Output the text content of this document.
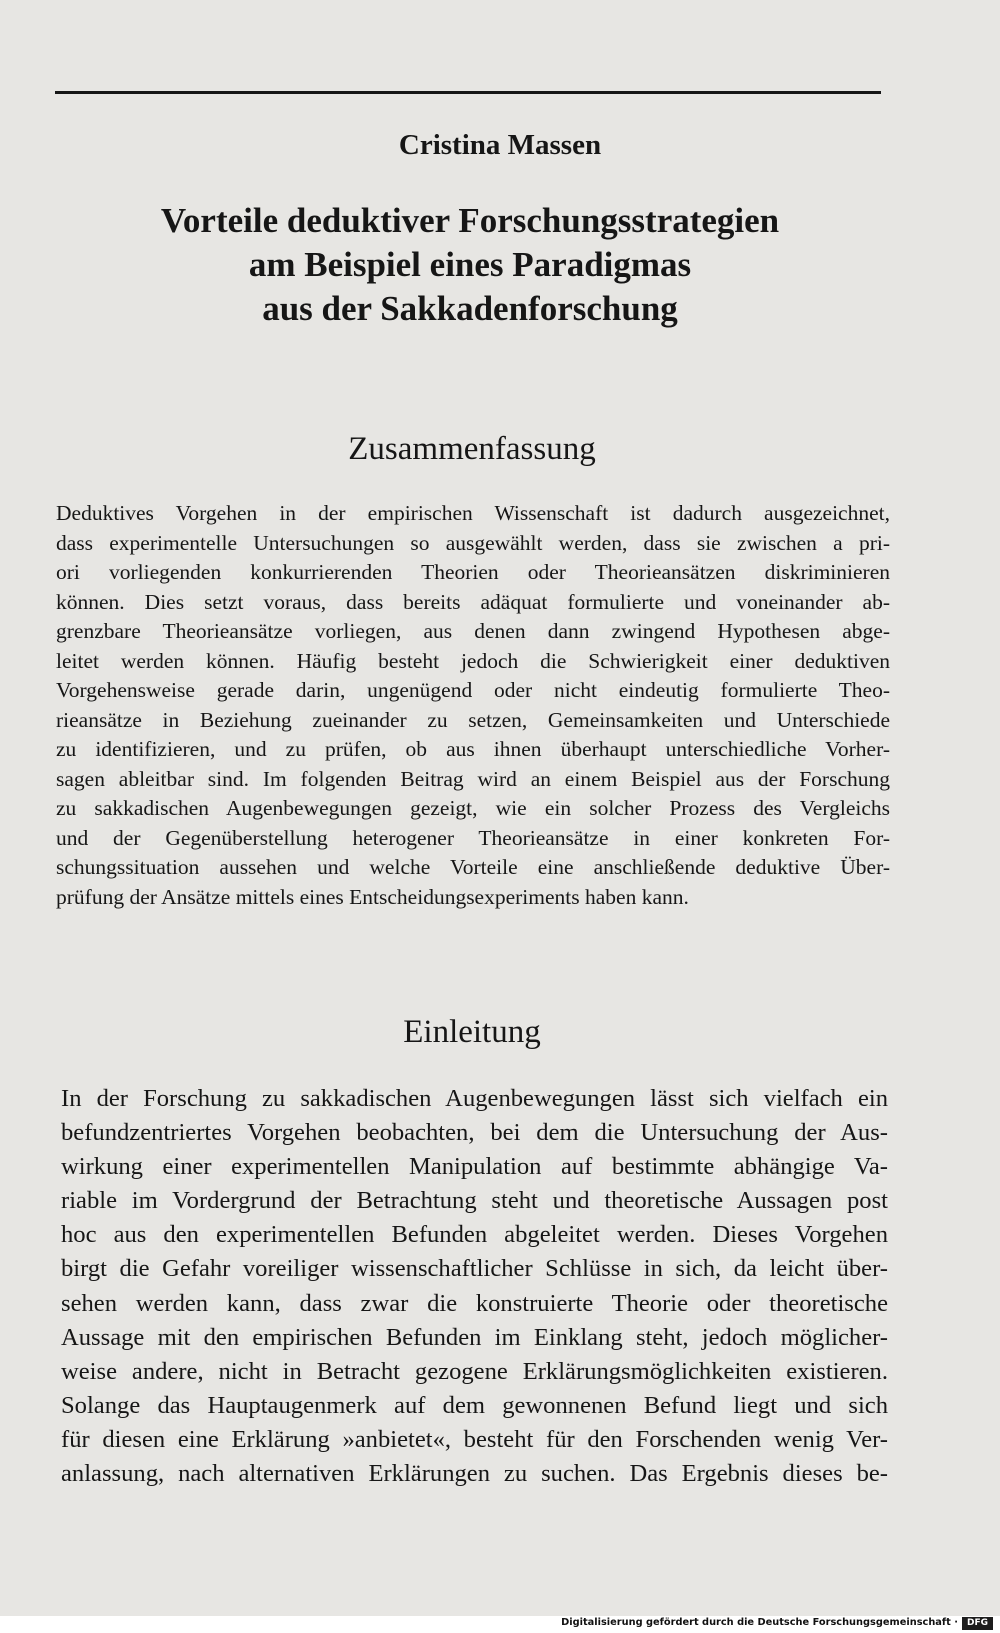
Cristina Massen
Vorteile deduktiver Forschungsstrategien
am Beispiel eines Paradigmas
aus der Sakkadenforschung
Zusammenfassung
Deduktives Vorgehen in der empirischen Wissenschaft ist dadurch ausgezeichnet,
dass experimentelle Untersuchungen so ausgewählt werden, dass sie zwischen a pri-
ori vorliegenden konkurrierenden Theorien oder Theorieansätzen diskriminieren
können. Dies setzt voraus, dass bereits adäquat formulierte und voneinander ab-
grenzbare Theorieansätze vorliegen, aus denen dann zwingend Hypothesen abge-
leitet werden können. Häufig besteht jedoch die Schwierigkeit einer deduktiven
Vorgehensweise gerade darin, ungenügend oder nicht eindeutig formulierte Theo-
rieansätze in Beziehung zueinander zu setzen, Gemeinsamkeiten und Unterschiede
zu identifizieren, und zu prüfen, ob aus ihnen überhaupt unterschiedliche Vorher-
sagen ableitbar sind. Im folgenden Beitrag wird an einem Beispiel aus der Forschung
zu sakkadischen Augenbewegungen gezeigt, wie ein solcher Prozess des Vergleichs
und der Gegenüberstellung heterogener Theorieansätze in einer konkreten For-
schungssituation aussehen und welche Vorteile eine anschließende deduktive Über-
prüfung der Ansätze mittels eines Entscheidungsexperiments haben kann.
Einleitung
In der Forschung zu sakkadischen Augenbewegungen lässt sich vielfach ein
befundzentriertes Vorgehen beobachten, bei dem die Untersuchung der Aus-
wirkung einer experimentellen Manipulation auf bestimmte abhängige Va-
riable im Vordergrund der Betrachtung steht und theoretische Aussagen post
hoc aus den experimentellen Befunden abgeleitet werden. Dieses Vorgehen
birgt die Gefahr voreiliger wissenschaftlicher Schlüsse in sich, da leicht über-
sehen werden kann, dass zwar die konstruierte Theorie oder theoretische
Aussage mit den empirischen Befunden im Einklang steht, jedoch möglicher-
weise andere, nicht in Betracht gezogene Erklärungsmöglichkeiten existieren.
Solange das Hauptaugenmerk auf dem gewonnenen Befund liegt und sich
für diesen eine Erklärung »anbietet«, besteht für den Forschenden wenig Ver-
anlassung, nach alternativen Erklärungen zu suchen. Das Ergebnis dieses be-
Digitalisierung gefördert durch die Deutsche Forschungsgemeinschaft · DFG
